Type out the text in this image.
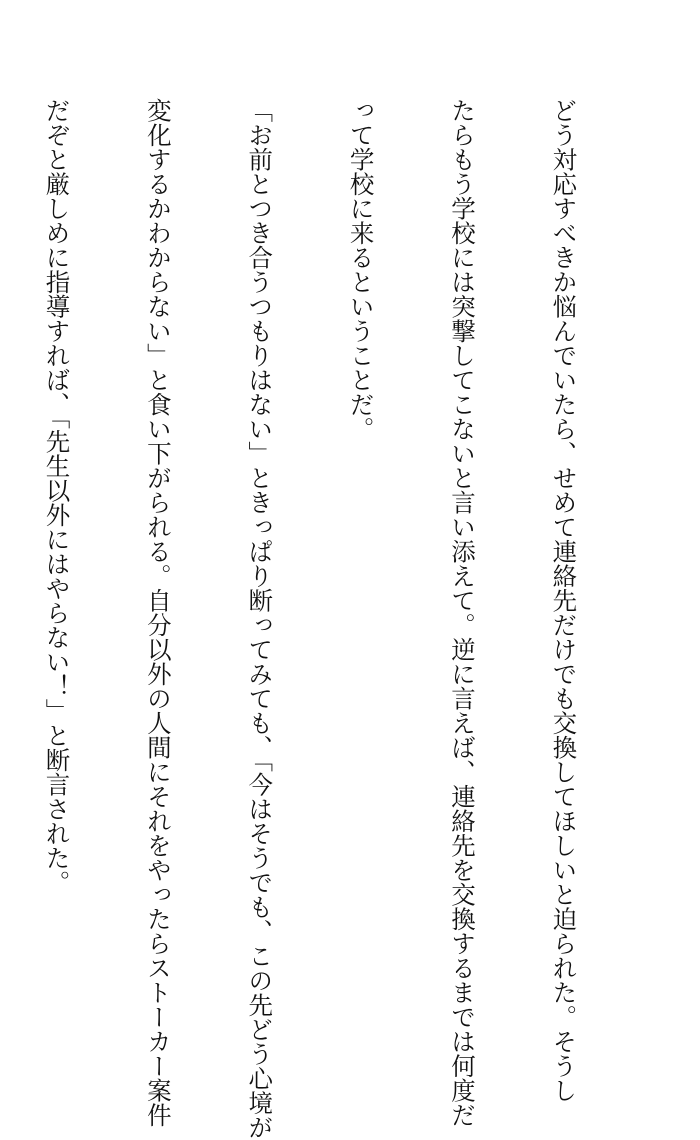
どう対応すべきか悩んでいたら、せめて連絡先だけでも交換してほしいと迫られた。そうし

たらもう学校には突撃してこないと言い添えて。逆に言えば、連絡先を交換するまでは何度だ

って学校に来るということだ。

「お前とつき合うつもりはない」ときっぱり断ってみても、「今はそうでも、この先どう心境が

変化するかわからない」と食い下がられる。自分以外の人間にそれをやったらストーカー案件

だぞと厳しめに指導すれば、「先生以外にはやらない！」と断言された。
